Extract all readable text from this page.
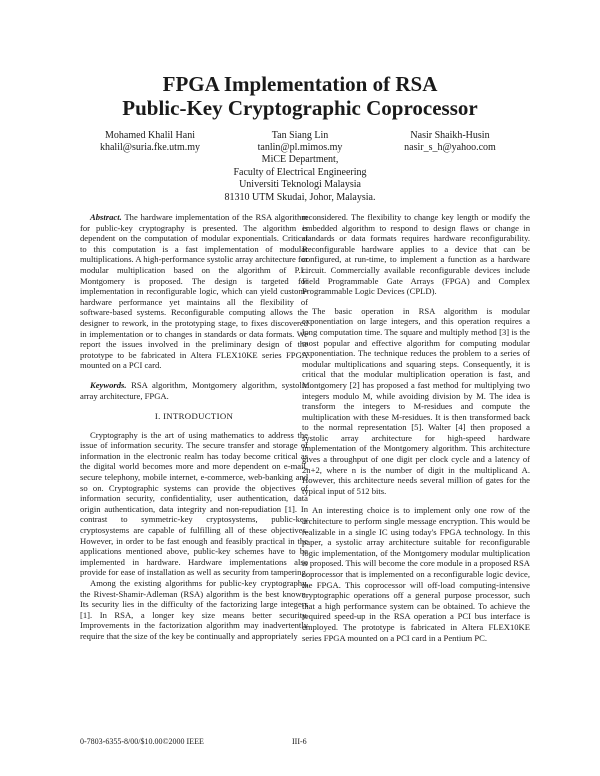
FPGA Implementation of RSA
Public-Key Cryptographic Coprocessor
Mohamed Khalil Hani
khalil@suria.fke.utm.my
Tan Siang Lin
tanlin@pl.mimos.my
Nasir Shaikh-Husin
nasir_s_h@yahoo.com
MiCE Department,
Faculty of Electrical Engineering
Universiti Teknologi Malaysia
81310 UTM Skudai, Johor, Malaysia.

Abstract. The hardware implementation of the RSA algorithm for public-key cryptography is presented. The algorithm is dependent on the computation of modular exponentials. Critical to this computation is a fast implementation of modular multiplications. A high-performance systolic array architecture for modular multiplication based on the algorithm of P.L. Montgomery is proposed. The design is targeted for implementation in reconfigurable logic, which can yield custom-hardware performance yet maintains all the flexibility of software-based systems. Reconfigurable computing allows the designer to rework, in the prototyping stage, to fixes discovered in implementation or to changes in standards or data formats. We report the issues involved in the preliminary design of the prototype to be fabricated in Altera FLEX10KE series FPGA mounted on a PCI card.

Keywords. RSA algorithm, Montgomery algorithm, systolic array architecture, FPGA.

I. INTRODUCTION

Cryptography is the art of using mathematics to address the issue of information security. The secure transfer and storage of information in the electronic realm has today become critical as the digital world becomes more and more dependent on e-mail, secure telephony, mobile internet, e-commerce, web-banking and so on. Cryptographic systems can provide the objectives of information security, confidentiality, user authentication, data origin authentication, data integrity and non-repudiation [1]. In contrast to symmetric-key cryptosystems, public-key cryptosystems are capable of fulfilling all of these objectives. However, in order to be fast enough and feasibly practical in the applications mentioned above, public-key schemes have to be implemented in hardware. Hardware implementations also provide for ease of installation as well as security from tampering.

Among the existing algorithms for public-key cryptography, the Rivest-Shamir-Adleman (RSA) algorithm is the best known. Its security lies in the difficulty of the factorizing large integers [1]. In RSA, a longer key size means better security. Improvements in the factorization algorithm may inadvertently require that the size of the key be continually and appropriately

reconsidered. The flexibility to change key length or modify the embedded algorithm to respond to design flaws or change in standards or data formats requires hardware reconfigurability. Reconfigurable hardware applies to a device that can be configured, at run-time, to implement a function as a hardware circuit. Commercially available reconfigurable devices include Field Programmable Gate Arrays (FPGA) and Complex Programmable Logic Devices (CPLD).

The basic operation in RSA algorithm is modular exponentiation on large integers, and this operation requires a long computation time. The square and multiply method [3] is the most popular and effective algorithm for computing modular exponentiation. The technique reduces the problem to a series of modular multiplications and squaring steps. Consequently, it is critical that the modular multiplication operation is fast, and Montgomery [2] has proposed a fast method for multiplying two integers modulo M, while avoiding division by M. The idea is transform the integers to M-residues and compute the multiplication with these M-residues. It is then transformed back to the normal representation [5]. Walter [4] then proposed a systolic array architecture for high-speed hardware implementation of the Montgomery algorithm. This architecture gives a throughput of one digit per clock cycle and a latency of 2n+2, where n is the number of digit in the multiplicand A. However, this architecture needs several million of gates for the typical input of 512 bits.

An interesting choice is to implement only one row of the architecture to perform single message encryption. This would be realizable in a single IC using today's FPGA technology. In this paper, a systolic array architecture suitable for reconfigurable logic implementation, of the Montgomery modular multiplication is proposed. This will become the core module in a proposed RSA coprocessor that is implemented on a reconfigurable logic device, the FPGA. This coprocessor will off-load computing-intensive cryptographic operations off a general purpose processor, such that a high performance system can be obtained. To achieve the required speed-up in the RSA operation a PCI bus interface is employed. The prototype is fabricated in Altera FLEX10KE series FPGA mounted on a PCI card in a Pentium PC.

0-7803-6355-8/00/$10.00©2000 IEEE	III-6
